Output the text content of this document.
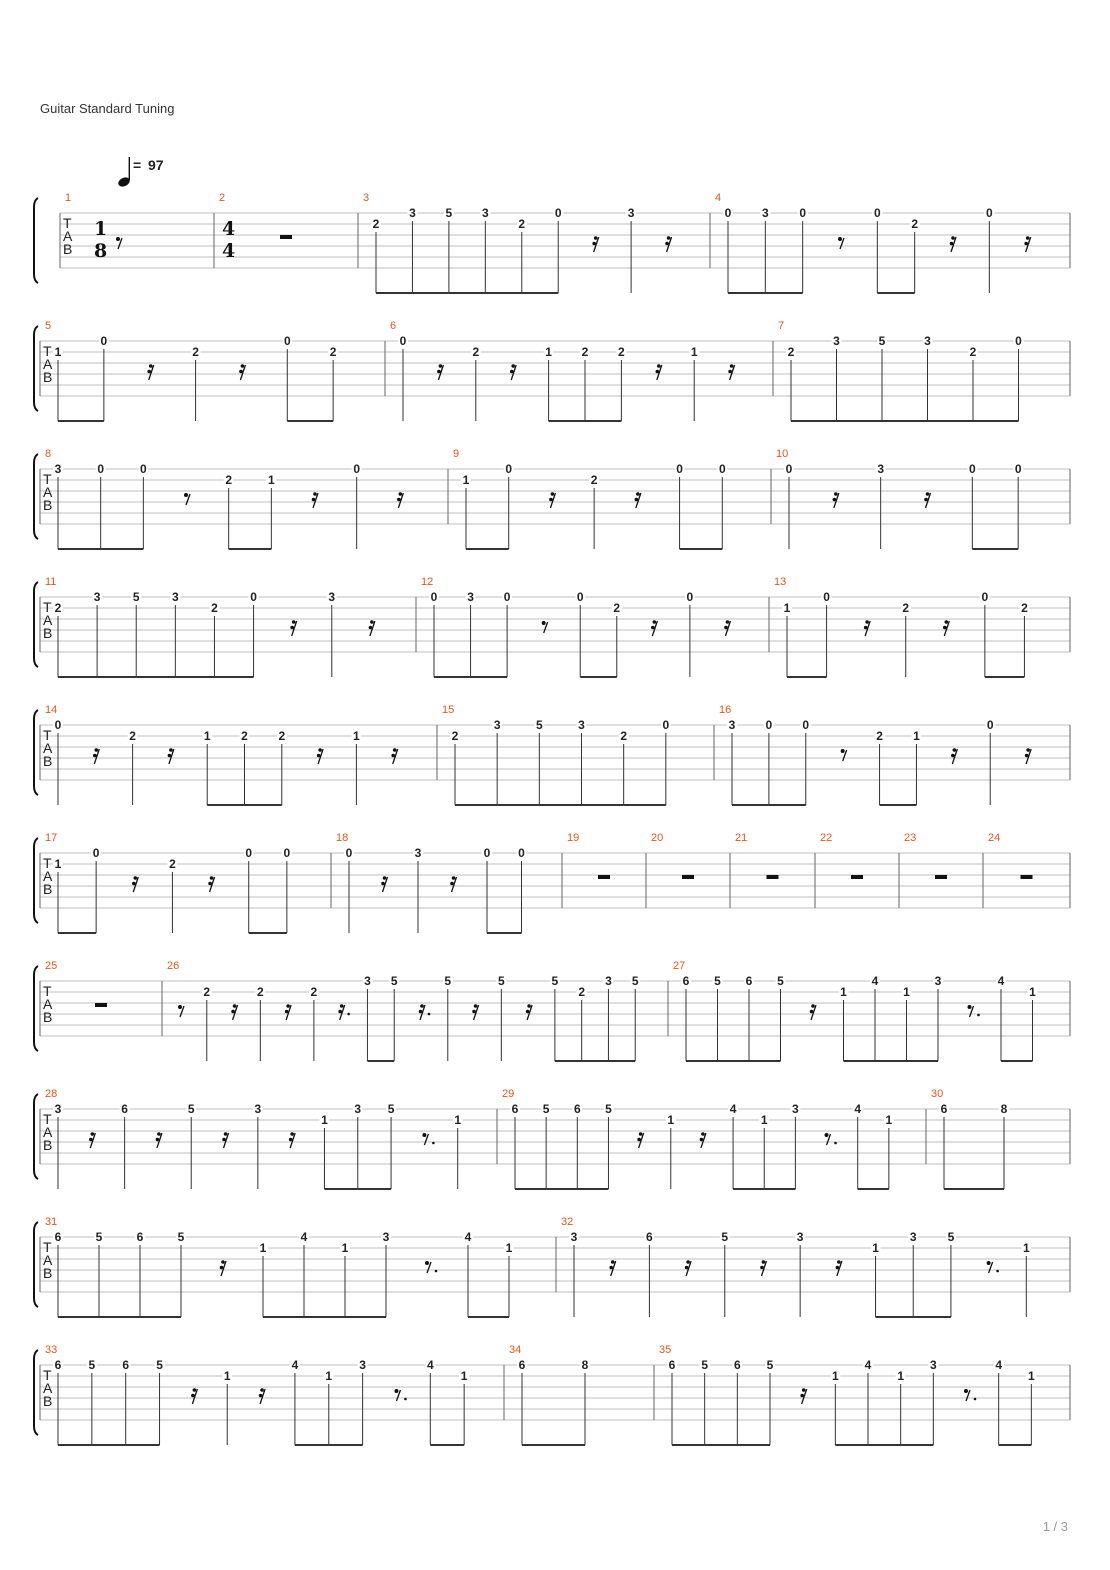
Guitar Standard Tuning
= 97
T
A
B
1
1
8
2
4
4
3
2
3 5 3
2
0	3
4
0	3	0	0
2
0
T
A
B
5
1
0
2
0
2
6
0
2	1 2 2	1
7
2
3	5	3
2
0
T
A
B
8
3	0	0
2	1
0
9
1
0
2
0	0
10
0	3	0	0
T
A
B
11
2
3	5	3
2
0	3
12
0 3 0	0
2
0
13
1
0
2
0
2
T
A
B
14
0
2	1	2	2	1
15
2
3	5	3
2
0
16
3	0	0
2	1
0
T
A
B
17
1
0
2
0	0
18
0	3	0 0
19	20	21	22	23	24
T
A
B
25	26
2	2	2
3 5	5	5	5
2
3 5
27
6 5 6 5
1
4
1
3	4
1
T
A
B
28
3	6	5	3
1
3 5
1
29
6 5 6 5
1
4
1
3	4
1
30
6	8
T
A
B
31
6	5	6	5
1
4
1
3	4
1
32
3	6	5	3
1
3	5
1
T
A
B
33
6 5 6 5
1
4
1
3	4
1
34
6	8
35
6 5 6 5
1
4
1
3	4
1
1 / 3
